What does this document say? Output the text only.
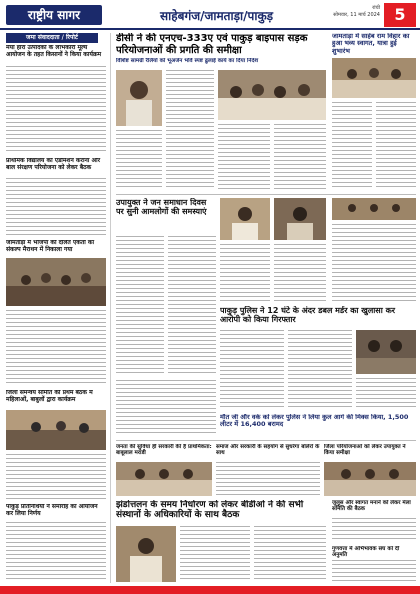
राष्ट्रीय सागर	साहेबगंज/जामताड़ा/पाकुड़
रांची
सोमवार, 11 मार्च 2024 5
जमा संवाददाता / रिपोर्ट
मैया हारा उत्पादकों के लाभकारी मूल्य आयोजन के तहत किसानों ने किया कार्यक्रम
प्राथमिक विद्यालय का एडमिशन कराना और बाल संरक्षण परियोजना को लेकर बैठक
जामताड़ा में भाजपा की दलित एकता का संकल्प मैराथन में निकाला गया
जिला समन्वय समिति की प्रथम बैठक में महिलाओं, बाबुलों द्वारा कार्यक्रम
पाकुड़ प्रतिनिधियों ने समारोह का आयोजन कर लिया निर्णय
डीसी ने की एनएच-333ए एवं पाकुड़ बाइपास सड़क परियोजनाओं की प्रगति की समीक्षा
विशिष्ट सामग्री रैलियों को भूअर्जन भवि स्पष्ट ढुलाई कार्य का दिया निर्देश
जामताड़ा में साहेब राम विहार का हुआ भव्य स्वागत, यात्रा हुई शुभारंभ
उपायुक्त ने जन समाधान दिवस पर सुनी आमलोगों की समस्याएं
पाकुड़ पुलिस ने 12 घंटे के अंदर डबल मर्डर का खुलासा कर आरोपी को किया गिरफ्तार
मौत जी और वर्क को लेकर पुलिस ने लिया कुल आगे की मिक्स किया, 1,500 लीटर में 16,400 बरामद
जनता की सुविधा ही सरकारी की है प्राथमिकता: बाबूलाल मरांडी
समाज और सरकारी के सहयोग से सुधरेगा बोलेरो के साथ
जिला परियोजनाओं को लेकर उपायुक्त ने किया समीक्षा
झंडोत्तलन के समय निर्धारण को लेकर बीडीओ ने की सभी संस्थानों के अधिकारियों के साथ बैठक
जुलूस और स्वागत मनाने को लेकर मेला समिति की बैठक
गुणवत्ता में अभिभावक संघ को दी अनुमति
